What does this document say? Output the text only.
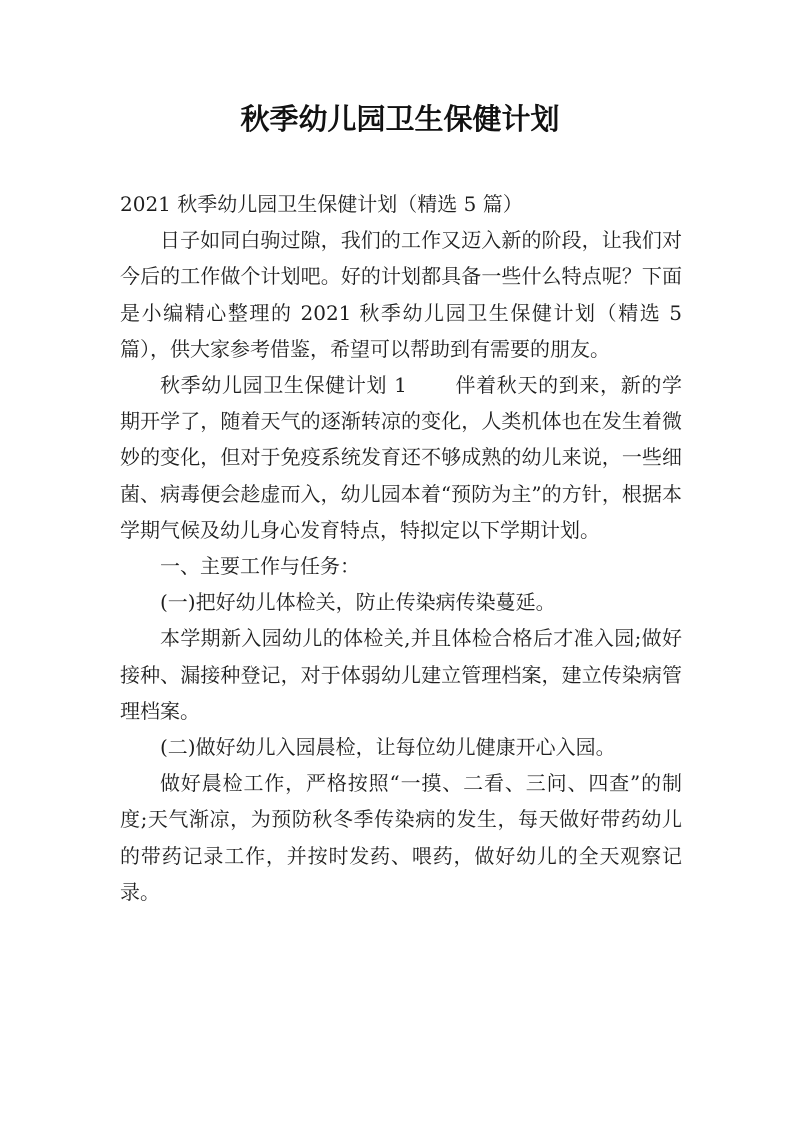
秋季幼儿园卫生保健计划

2021 秋季幼儿园卫生保健计划（精选 5 篇）

日子如同白驹过隙，我们的工作又迈入新的阶段，让我们对今后的工作做个计划吧。好的计划都具备一些什么特点呢？下面是小编精心整理的 2021 秋季幼儿园卫生保健计划（精选 5 篇），供大家参考借鉴，希望可以帮助到有需要的朋友。

秋季幼儿园卫生保健计划 1 伴着秋天的到来，新的学期开学了，随着天气的逐渐转凉的变化，人类机体也在发生着微妙的变化，但对于免疫系统发育还不够成熟的幼儿来说，一些细菌、病毒便会趁虚而入，幼儿园本着“预防为主”的方针，根据本学期气候及幼儿身心发育特点，特拟定以下学期计划。

一、主要工作与任务：

(一)把好幼儿体检关，防止传染病传染蔓延。

本学期新入园幼儿的体检关,并且体检合格后才准入园;做好接种、漏接种登记，对于体弱幼儿建立管理档案，建立传染病管理档案。

(二)做好幼儿入园晨检，让每位幼儿健康开心入园。

做好晨检工作，严格按照“一摸、二看、三问、四查”的制度;天气渐凉，为预防秋冬季传染病的发生，每天做好带药幼儿的带药记录工作，并按时发药、喂药，做好幼儿的全天观察记录。
